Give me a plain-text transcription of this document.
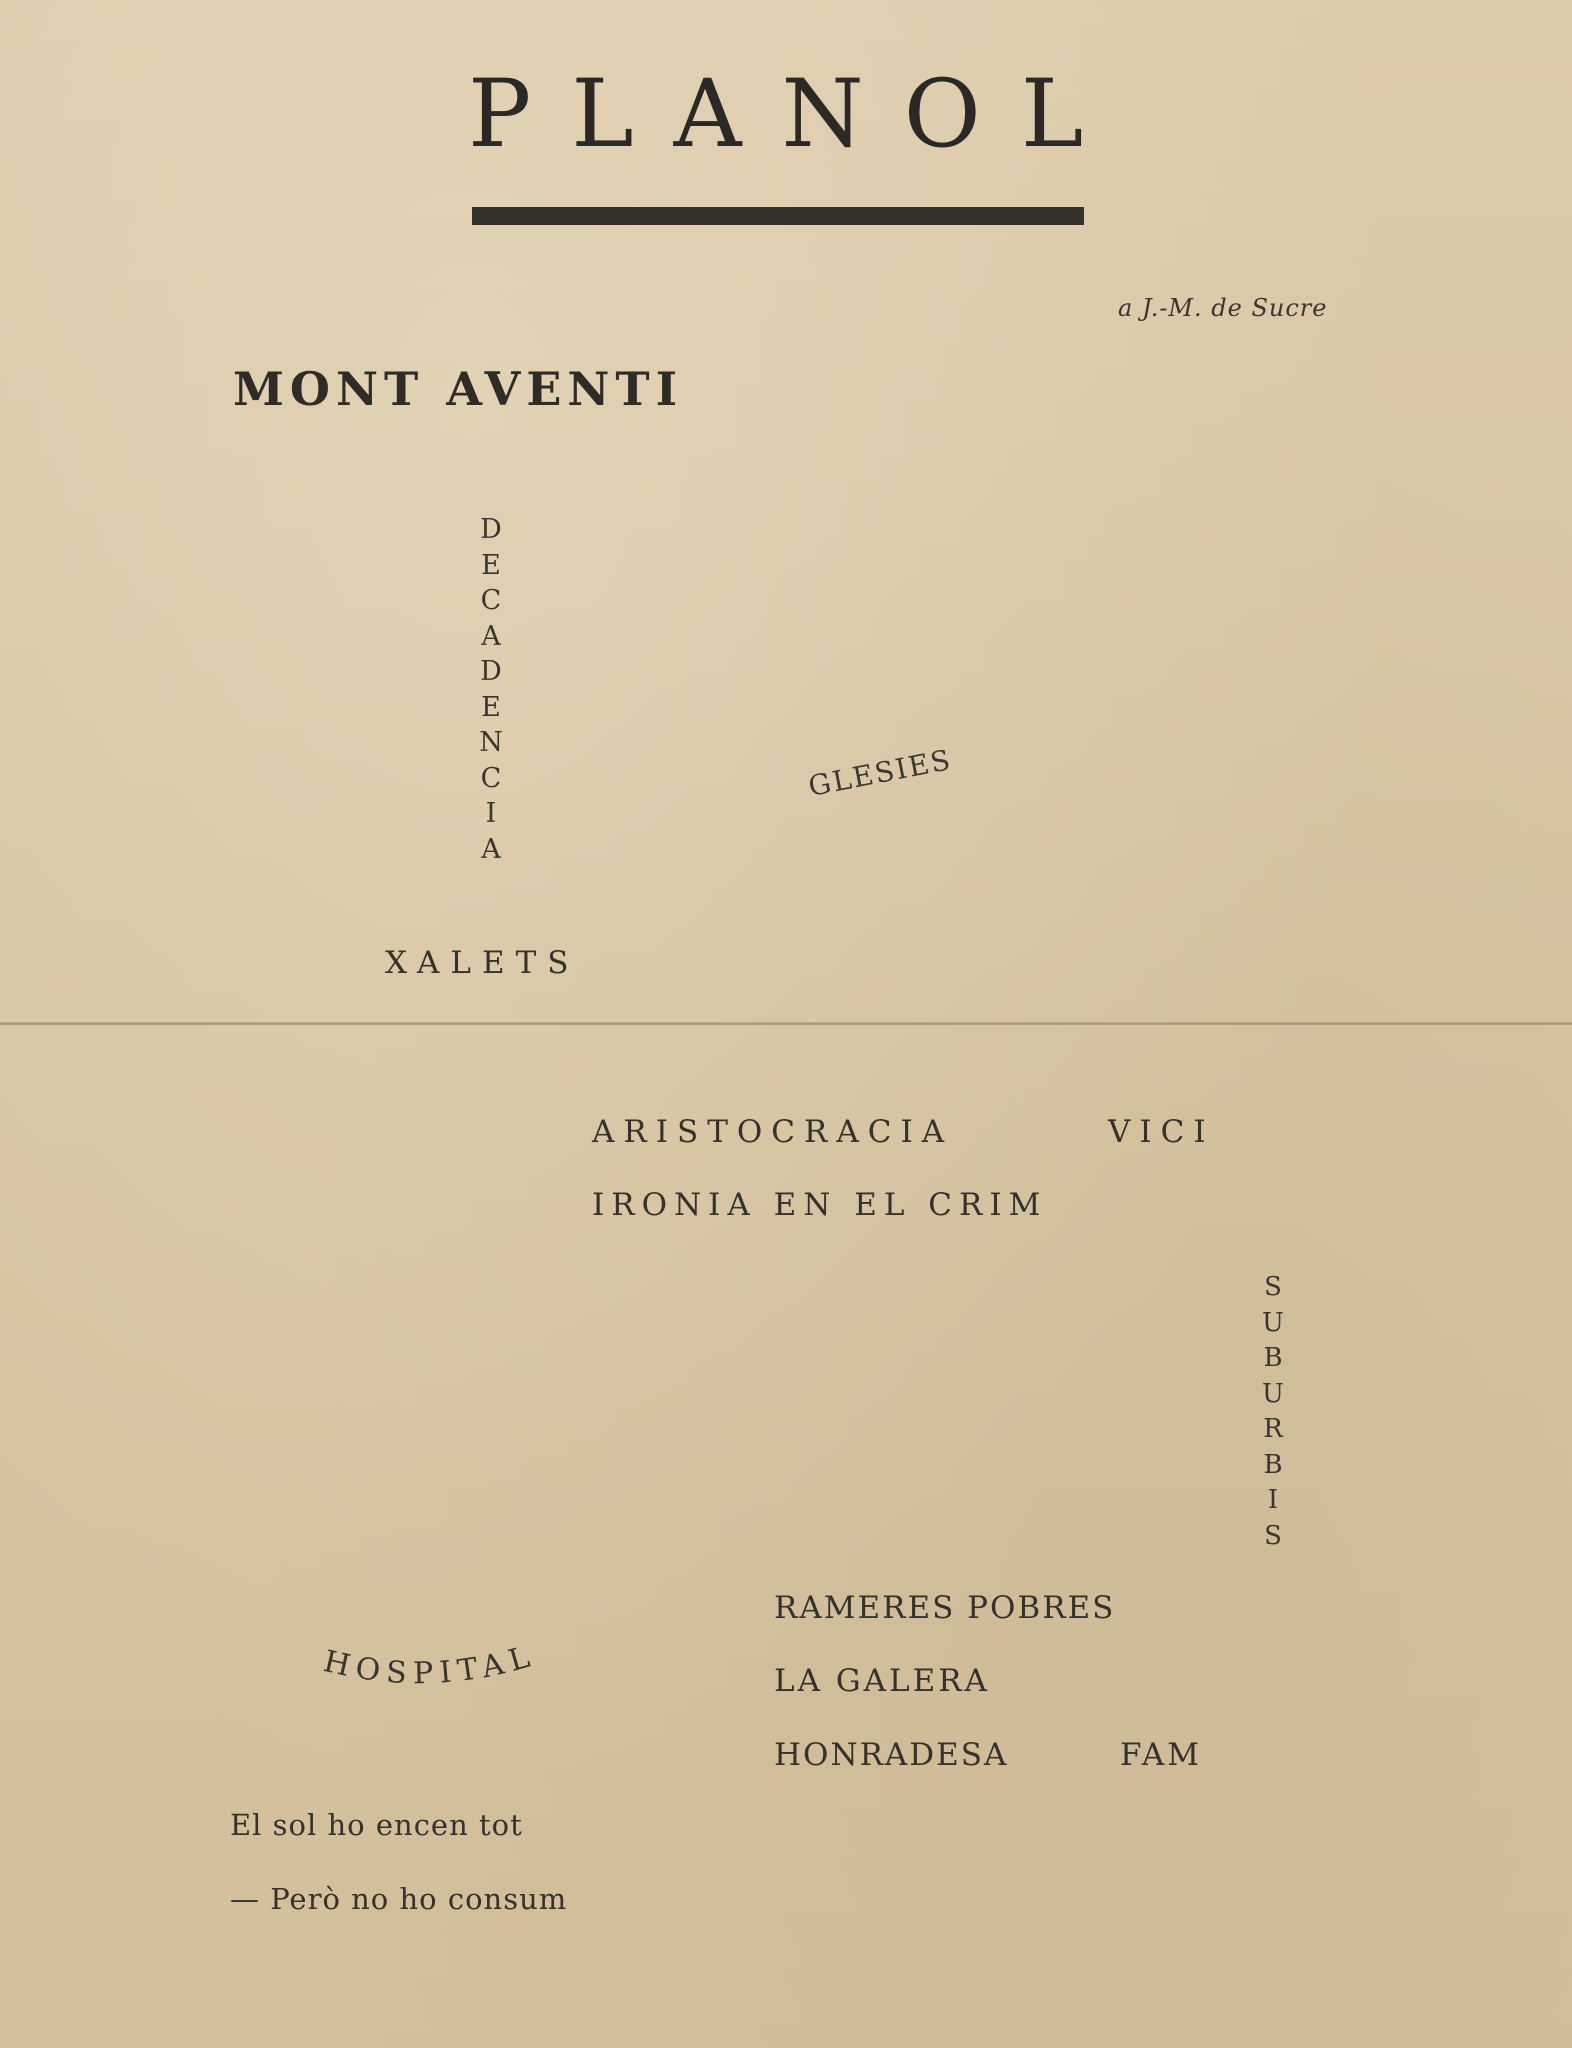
PLANOL
a J.-M. de Sucre
MONT AVENTI
D
E
C
A
D
E
N
C
I
A
GLESIES
XALETS
ARISTOCRACIA	VICI
IRONIA EN EL CRIM
S
U
B
U
R
B
I
S
HOSPITAL
RAMERES POBRES
LA GALERA
HONRADESA	FAM
El sol ho encen tot
— Però no ho consum
